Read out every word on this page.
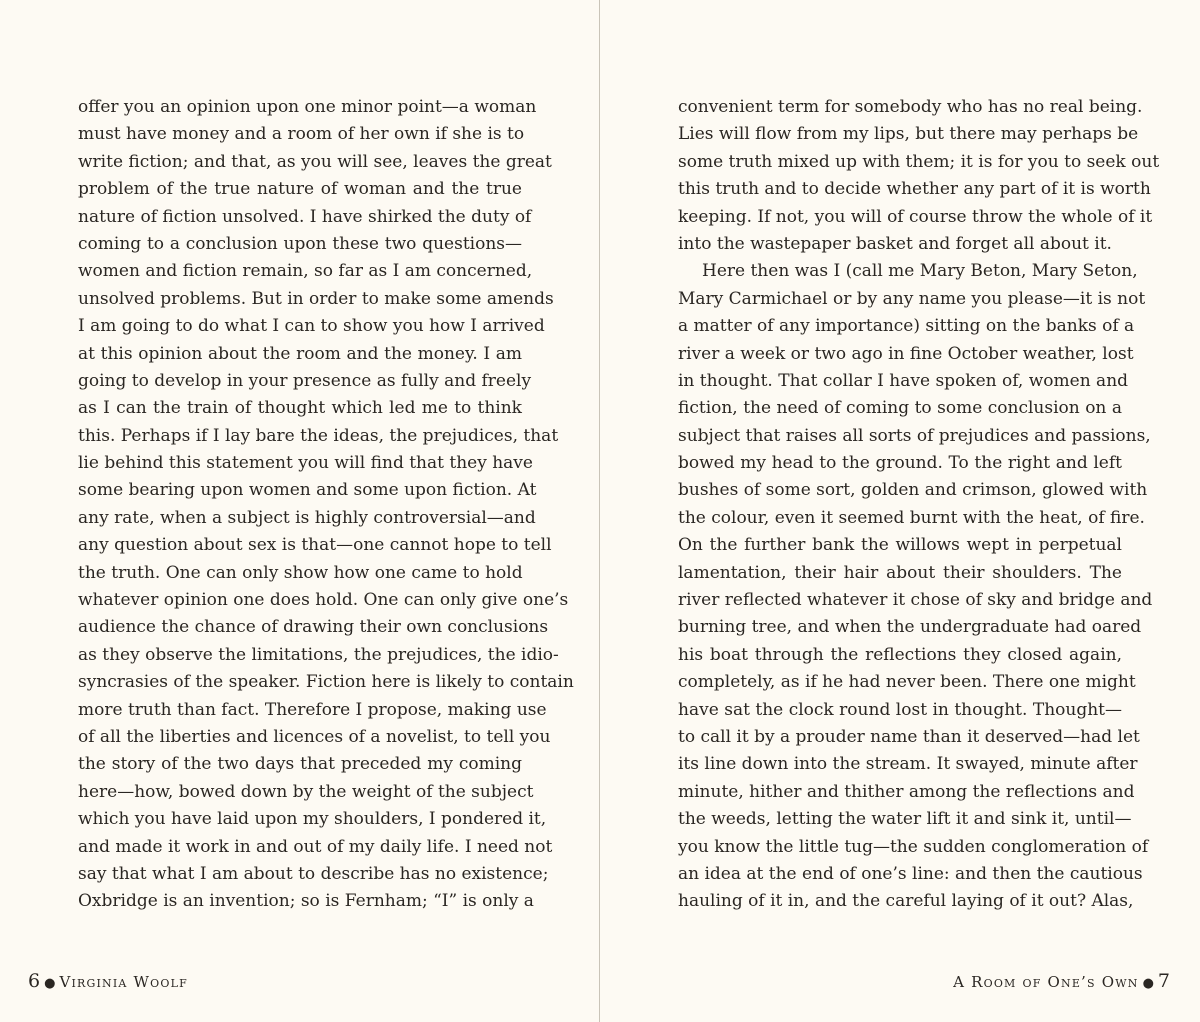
offer you an opinion upon one minor point—a woman
must have money and a room of her own if she is to
write fiction; and that, as you will see, leaves the great
problem of the true nature of woman and the true
nature of fiction unsolved. I have shirked the duty of
coming to a conclusion upon these two questions—
women and fiction remain, so far as I am concerned,
unsolved problems. But in order to make some amends
I am going to do what I can to show you how I arrived
at this opinion about the room and the money. I am
going to develop in your presence as fully and freely
as I can the train of thought which led me to think
this. Perhaps if I lay bare the ideas, the prejudices, that
lie behind this statement you will find that they have
some bearing upon women and some upon fiction. At
any rate, when a subject is highly controversial—and
any question about sex is that—one cannot hope to tell
the truth. One can only show how one came to hold
whatever opinion one does hold. One can only give one’s
audience the chance of drawing their own conclusions
as they observe the limitations, the prejudices, the idio-
syncrasies of the speaker. Fiction here is likely to contain
more truth than fact. Therefore I propose, making use
of all the liberties and licences of a novelist, to tell you
the story of the two days that preceded my coming
here—how, bowed down by the weight of the subject
which you have laid upon my shoulders, I pondered it,
and made it work in and out of my daily life. I need not
say that what I am about to describe has no existence;
Oxbridge is an invention; so is Fernham; “I” is only a
convenient term for somebody who has no real being.
Lies will flow from my lips, but there may perhaps be
some truth mixed up with them; it is for you to seek out
this truth and to decide whether any part of it is worth
keeping. If not, you will of course throw the whole of it
into the wastepaper basket and forget all about it.
Here then was I (call me Mary Beton, Mary Seton,
Mary Carmichael or by any name you please—it is not
a matter of any importance) sitting on the banks of a
river a week or two ago in fine October weather, lost
in thought. That collar I have spoken of, women and
fiction, the need of coming to some conclusion on a
subject that raises all sorts of prejudices and passions,
bowed my head to the ground. To the right and left
bushes of some sort, golden and crimson, glowed with
the colour, even it seemed burnt with the heat, of fire.
On the further bank the willows wept in perpetual
lamentation, their hair about their shoulders. The
river reflected whatever it chose of sky and bridge and
burning tree, and when the undergraduate had oared
his boat through the reflections they closed again,
completely, as if he had never been. There one might
have sat the clock round lost in thought. Thought—
to call it by a prouder name than it deserved—had let
its line down into the stream. It swayed, minute after
minute, hither and thither among the reflections and
the weeds, letting the water lift it and sink it, until—
you know the little tug—the sudden conglomeration of
an idea at the end of one’s line: and then the cautious
hauling of it in, and the careful laying of it out? Alas,
6 ● Virginia Woolf	A Room of One’s Own ● 7
